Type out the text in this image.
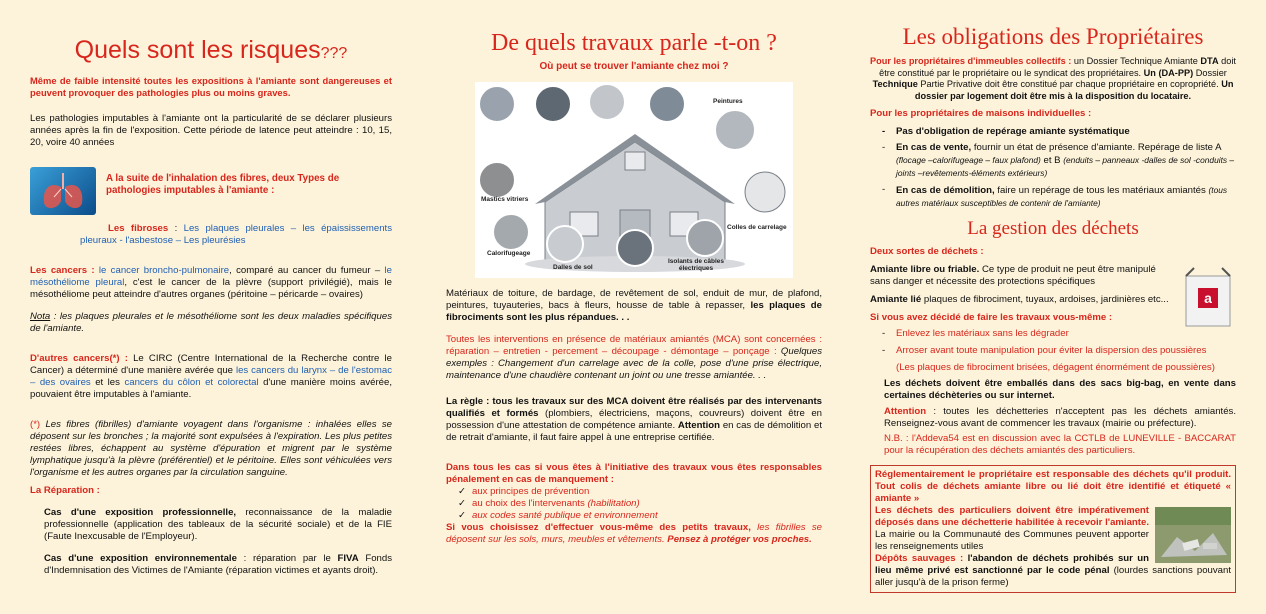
Quels sont les risques???

Même de faible intensité toutes les expositions à l'amiante sont dangereuses et peuvent provoquer des pathologies plus ou moins graves.

Les pathologies imputables à l'amiante ont la particularité de se déclarer plusieurs années après la fin de l'exposition. Cette période de latence peut atteindre : 10, 15, 20, voire 40 années

A la suite de l'inhalation des fibres, deux Types de pathologies imputables à l'amiante :

Les fibroses : Les plaques pleurales – les épaississements pleuraux - l'asbestose – Les pleurésies

Les cancers : le cancer broncho-pulmonaire, comparé au cancer du fumeur – le mésothéliome pleural, c'est le cancer de la plèvre (support privilégié), mais le mésothéliome peut atteindre d'autres organes (péritoine – péricarde – ovaires)

Nota : les plaques pleurales et le mésothéliome sont les deux maladies spécifiques de l'amiante.

D'autres cancers(*) : Le CIRC (Centre International de la Recherche contre le Cancer) a déterminé d'une manière avérée que les cancers du larynx – de l'estomac – des ovaires et les cancers du côlon et colorectal d'une manière moins avérée, pouvaient être imputables à l'amiante.

(*) Les fibres (fibrilles) d'amiante voyagent dans l'organisme : inhalées elles se déposent sur les bronches ; la majorité sont expulsées à l'expiration. Les plus petites restées libres, échappent au système d'épuration et migrent par le système lymphatique jusqu'à la plèvre (préférentiel) et le péritoine. Elles sont véhiculées vers l'organisme et les autres organes par la circulation sanguine.

La Réparation :

Cas d'une exposition professionnelle, reconnaissance de la maladie professionnelle (application des tableaux de la sécurité sociale) et de la FIE (Faute Inexcusable de l'Employeur).

Cas d'une exposition environnementale : réparation par le FIVA Fonds d'Indemnisation des Victimes de l'Amiante (réparation victimes et ayants droit).

De quels travaux parle -t-on ?
Où peut se trouver l'amiante chez moi ?
Peintures
Mastics vitriers
Calorifugeage
Dalles de sol
Isolants de câbles électriques
Colles de carrelage

Matériaux de toiture, de bardage, de revêtement de sol, enduit de mur, de plafond, peintures, tuyauteries, bacs à fleurs, housse de table à repasser, les plaques de fibrociments sont les plus répandues. . .

Toutes les interventions en présence de matériaux amiantés (MCA) sont concernées : réparation – entretien - percement – découpage - démontage – ponçage : Quelques exemples : Changement d'un carrelage avec de la colle, pose d'une prise électrique, maintenance d'une chaudière contenant un joint ou une tresse amiantée. . .

La règle : tous les travaux sur des MCA doivent être réalisés par des intervenants qualifiés et formés (plombiers, électriciens, maçons, couvreurs) doivent être en possession d'une attestation de compétence amiante. Attention en cas de démolition et de retrait d'amiante, il faut faire appel à une entreprise certifiée.

Dans tous les cas si vous êtes à l'initiative des travaux vous êtes responsables pénalement en cas de manquement :

✓ aux principes de prévention
✓ au choix des l'intervenants (habilitation)
✓ aux codes santé publique et environnement

Si vous choisissez d'effectuer vous-même des petits travaux, les fibrilles se déposent sur les sols, murs, meubles et vêtements. Pensez à protéger vos proches.

Les obligations des Propriétaires

Pour les propriétaires d'immeubles collectifs : un Dossier Technique Amiante DTA doit être constitué par le propriétaire ou le syndicat des propriétaires. Un (DA-PP) Dossier Technique Partie Privative doit être constitué par chaque propriétaire en copropriété. Un dossier par logement doit être mis à la disposition du locataire.

Pour les propriétaires de maisons individuelles :

- Pas d'obligation de repérage amiante systématique
- En cas de vente, fournir un état de présence d'amiante. Repérage de liste A (flocage –calorifugeage – faux plafond) et B (enduits – panneaux -dalles de sol -conduits – joints –revêtements-éléments extérieurs)
- En cas de démolition, faire un repérage de tous les matériaux amiantés (tous autres matériaux susceptibles de contenir de l'amiante)
La gestion des déchets

Deux sortes de déchets :

a

Amiante libre ou friable. Ce type de produit ne peut être manipulé sans danger et nécessite des protections spécifiques

Amiante lié plaques de fibrociment, tuyaux, ardoises, jardinières etc...

Si vous avez décidé de faire les travaux vous-même :

- Enlevez les matériaux sans les dégrader
- Arroser avant toute manipulation pour éviter la dispersion des poussières
(Les plaques de fibrociment brisées, dégagent énormément de poussières)

Les déchets doivent être emballés dans des sacs big-bag, en vente dans certaines déchèteries ou sur internet.

Attention : toutes les déchetteries n'acceptent pas les déchets amiantés. Renseignez-vous avant de commencer les travaux (mairie ou préfecture).

N.B. : l'Addeva54 est en discussion avec la CCTLB de LUNEVILLE - BACCARAT pour la récupération des déchets amiantés des particuliers.

Réglementairement le propriétaire est responsable des déchets qu'il produit. Tout colis de déchets amiante libre ou lié doit être identifié et étiqueté « amiante »

Les déchets des particuliers doivent être impérativement déposés dans une déchetterie habilitée à recevoir l'amiante. La mairie ou la Communauté des Communes peuvent apporter les renseignements utiles

Dépôts sauvages : l'abandon de déchets prohibés sur un lieu même privé est sanctionné par le code pénal (lourdes sanctions pouvant aller jusqu'à de la prison ferme)
